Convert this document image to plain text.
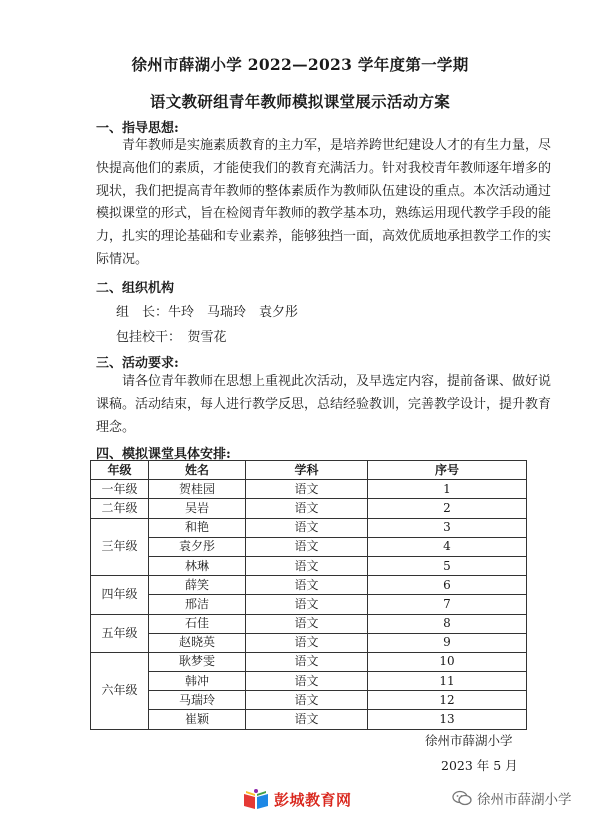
徐州市薛湖小学 2022—2023 学年度第一学期
语文教研组青年教师模拟课堂展示活动方案
一、指导思想:
青年教师是实施素质教育的主力军，是培养跨世纪建设人才的有生力量，尽
快提高他们的素质，才能使我们的教育充满活力。针对我校青年教师逐年增多的
现状，我们把提高青年教师的整体素质作为教师队伍建设的重点。本次活动通过
模拟课堂的形式，旨在检阅青年教师的教学基本功，熟练运用现代教学手段的能
力，扎实的理论基础和专业素养，能够独挡一面，高效优质地承担教学工作的实
际情况。
二、组织机构
组　长：牛玲　马瑞玲　袁夕彤
包挂校干：　贺雪花
三、活动要求:
请各位青年教师在思想上重视此次活动，及早选定内容，提前备课、做好说
课稿。活动结束，每人进行教学反思，总结经验教训，完善教学设计，提升教育
理念。
四、模拟课堂具体安排:
年级	姓名	学科	序号
一年级	贺桂园	语文	1
二年级	吴岩	语文	2
三年级	和艳	语文	3
	袁夕彤	语文	4
	林琳	语文	5
四年级	薛笑	语文	6
	邢洁	语文	7
五年级	石佳	语文	8
	赵晓英	语文	9
六年级	耿梦雯	语文	10
	韩冲	语文	11
	马瑞玲	语文	12
	崔颖	语文	13
徐州市薛湖小学
2023 年 5 月
彭城教育网	徐州市薛湖小学
